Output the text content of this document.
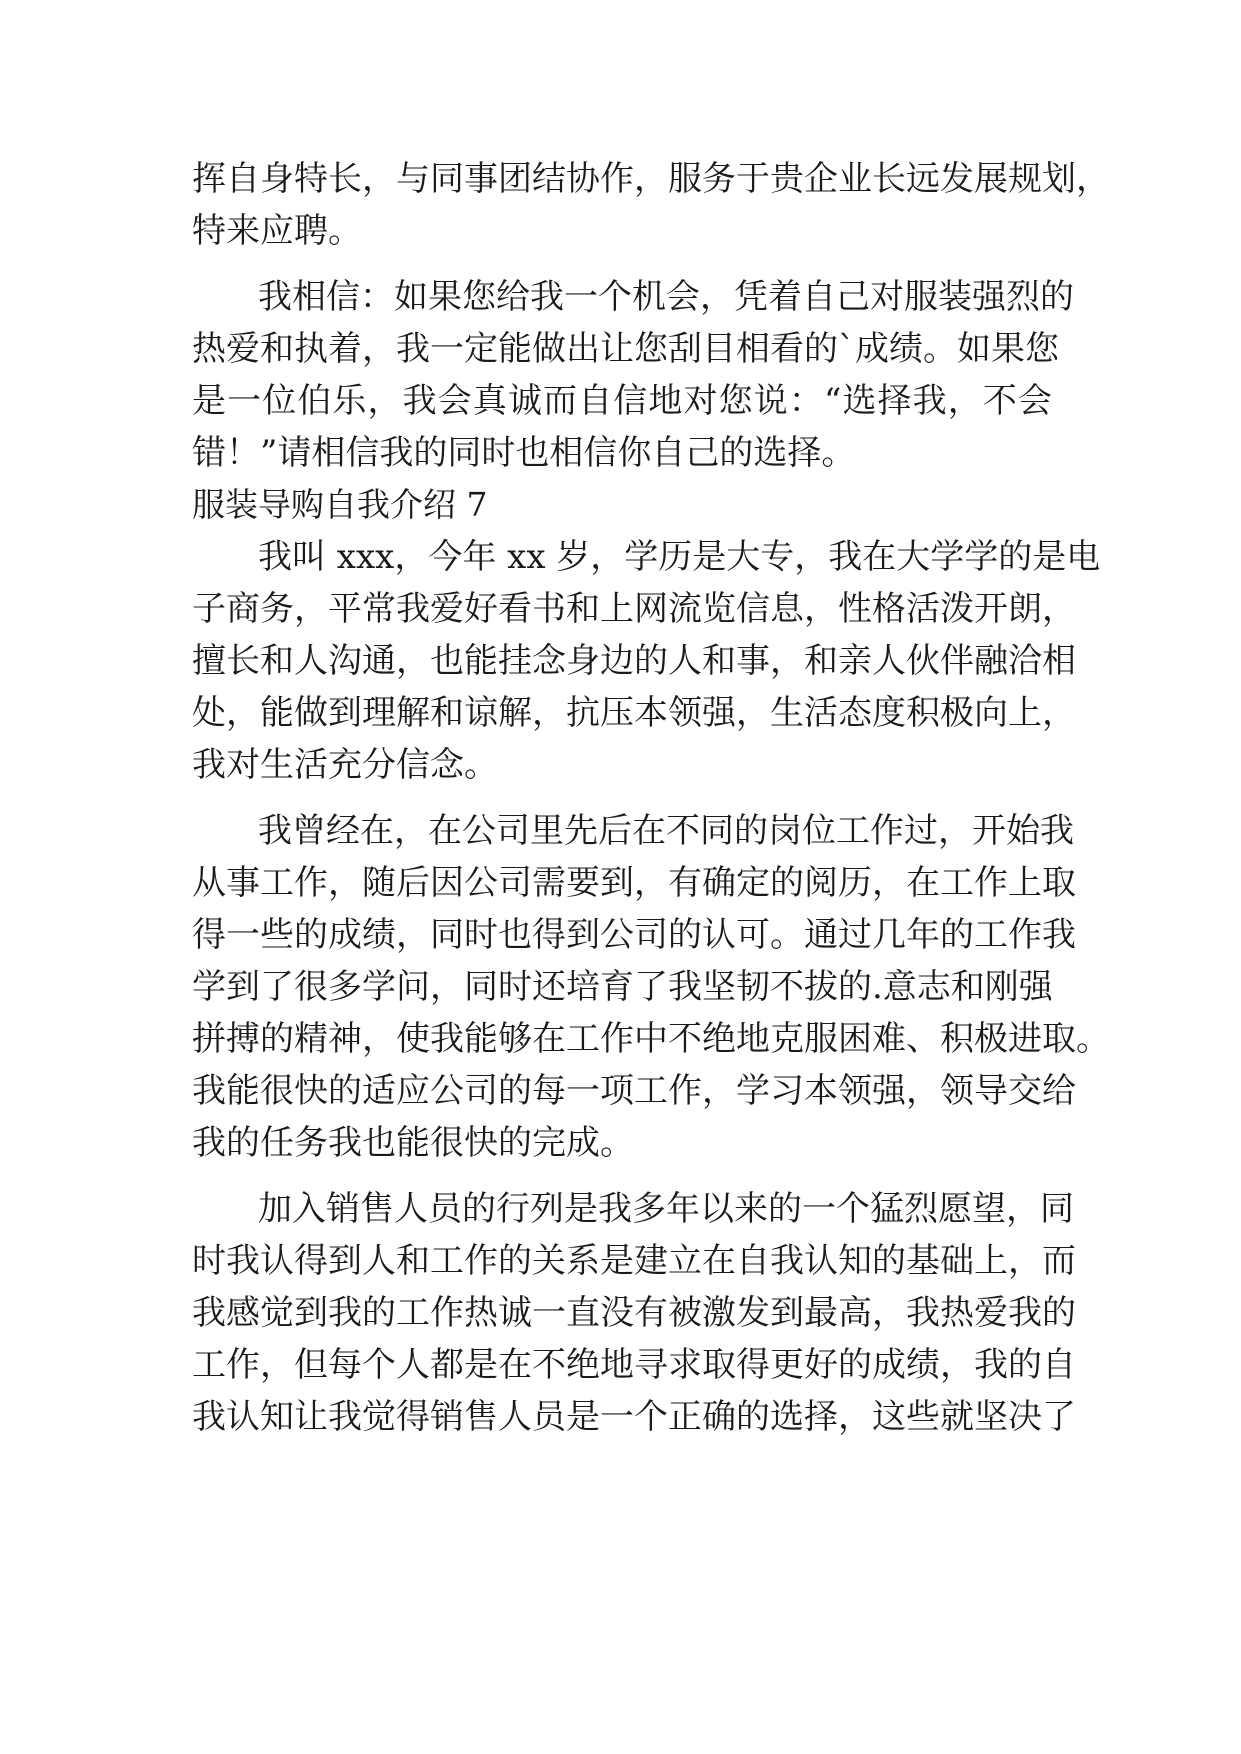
挥自身特长，与同事团结协作，服务于贵企业长远发展规划，
特来应聘。
我相信：如果您给我一个机会，凭着自己对服装强烈的
热爱和执着，我一定能做出让您刮目相看的`成绩。如果您
是一位伯乐，我会真诚而自信地对您说：“选择我，不会
错！”请相信我的同时也相信你自己的选择。
服装导购自我介绍 7
我叫 xxx，今年 xx 岁，学历是大专，我在大学学的是电
子商务，平常我爱好看书和上网流览信息，性格活泼开朗，
擅长和人沟通，也能挂念身边的人和事，和亲人伙伴融洽相
处，能做到理解和谅解，抗压本领强，生活态度积极向上，
我对生活充分信念。
我曾经在，在公司里先后在不同的岗位工作过，开始我
从事工作，随后因公司需要到，有确定的阅历，在工作上取
得一些的成绩，同时也得到公司的认可。通过几年的工作我
学到了很多学问，同时还培育了我坚韧不拔的.意志和刚强
拼搏的精神，使我能够在工作中不绝地克服困难、积极进取。
我能很快的适应公司的每一项工作，学习本领强，领导交给
我的任务我也能很快的完成。
加入销售人员的行列是我多年以来的一个猛烈愿望，同
时我认得到人和工作的关系是建立在自我认知的基础上，而
我感觉到我的工作热诚一直没有被激发到最高，我热爱我的
工作，但每个人都是在不绝地寻求取得更好的成绩，我的自
我认知让我觉得销售人员是一个正确的选择，这些就坚决了
